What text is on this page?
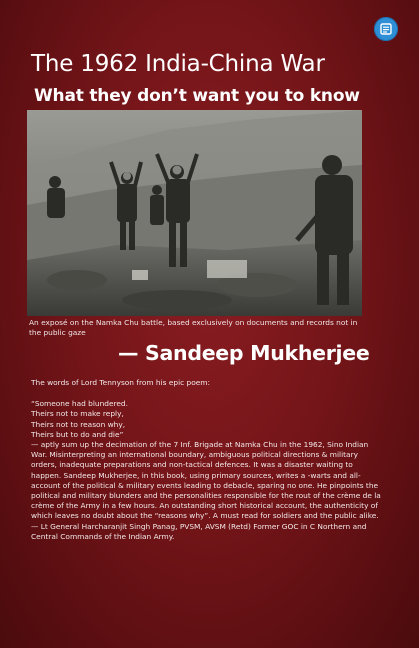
The 1962 India-China War
What they don’t want you to know
An exposé on the Namka Chu battle, based exclusively on documents and records not in the public gaze
— Sandeep Mukherjee

The words of Lord Tennyson from his epic poem:

“Someone had blundered.
Theirs not to make reply,
Theirs not to reason why,
Theirs but to do and die”

— aptly sum up the decimation of the 7 Inf. Brigade at Namka Chu in the 1962, Sino Indian War. Misinterpreting an international boundary, ambiguous political directions & military orders, inadequate preparations and non-tactical defences. It was a disaster waiting to happen. Sandeep Mukherjee, in this book, using primary sources, writes a -warts and all- account of the political & military events leading to debacle, sparing no one. He pinpoints the political and military blunders and the personalities responsible for the rout of the crème de la crème of the Army in a few hours. An outstanding short historical account, the authenticity of which leaves no doubt about the “reasons why”. A must read for soldiers and the public alike.

— Lt General Harcharanjit Singh Panag, PVSM, AVSM (Retd) Former GOC in C Northern and Central Commands of the Indian Army.
